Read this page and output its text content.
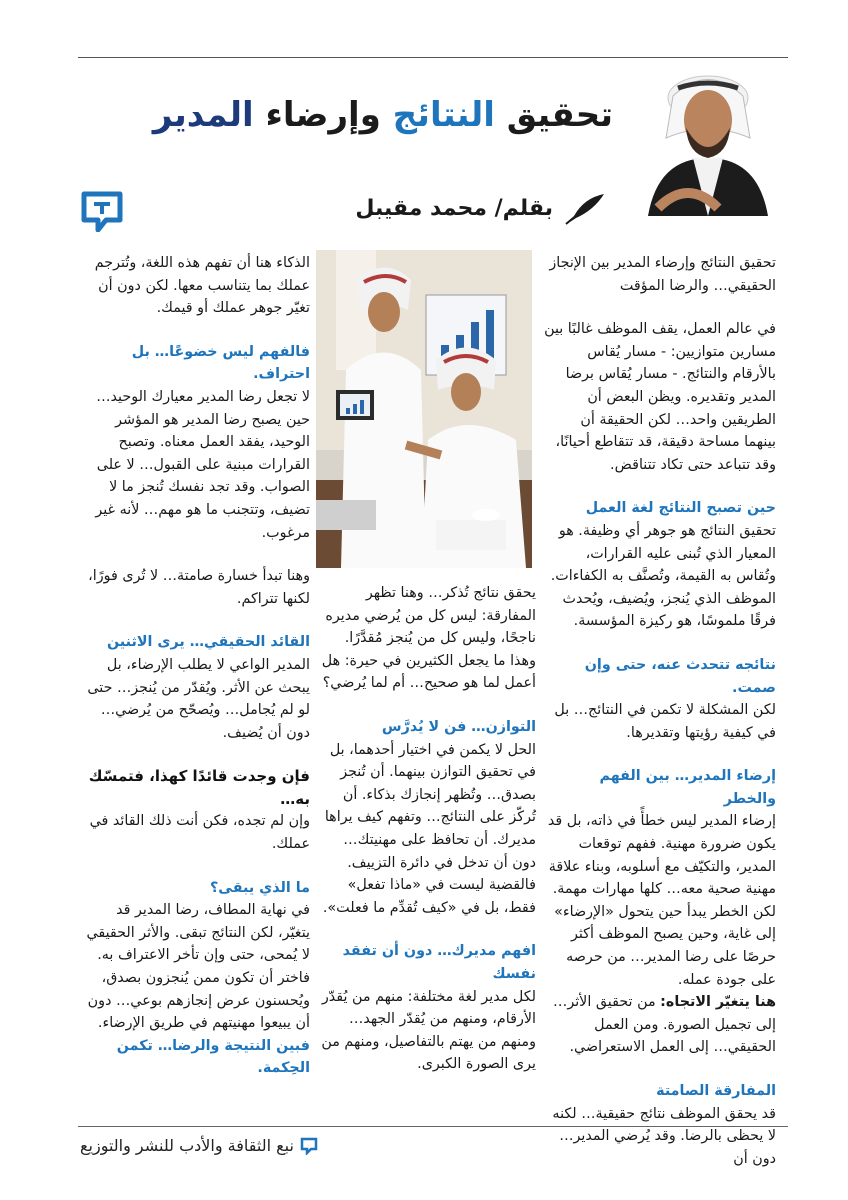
تحقيق النتائج وإرضاء المدير
بقلم/ محمد مقيبل

تحقيق النتائج وإرضاء المدير بين الإنجاز الحقيقي… والرضا المؤقت

في عالم العمل، يقف الموظف غالبًا بين مسارين متوازيين: - مسار يُقاس بالأرقام والنتائج. - مسار يُقاس برضا المدير وتقديره. ويظن البعض أن الطريقين واحد… لكن الحقيقة أن بينهما مساحة دقيقة، قد تتقاطع أحيانًا، وقد تتباعد حتى تكاد تتناقض.

حين تصبح النتائج لغة العمل

تحقيق النتائج هو جوهر أي وظيفة. هو المعيار الذي تُبنى عليه القرارات، وتُقاس به القيمة، وتُصنَّف به الكفاءات. الموظف الذي يُنجز، ويُضيف، ويُحدث فرقًا ملموسًا، هو ركيزة المؤسسة.

نتائجه تتحدث عنه، حتى وإن صمت.

لكن المشكلة لا تكمن في النتائج… بل في كيفية رؤيتها وتقديرها.

إرضاء المدير… بين الفهم والخطر

إرضاء المدير ليس خطأً في ذاته، بل قد يكون ضرورة مهنية. ففهم توقعات المدير، والتكيّف مع أسلوبه، وبناء علاقة مهنية صحية معه… كلها مهارات مهمة. لكن الخطر يبدأ حين يتحول «الإرضاء» إلى غاية، وحين يصبح الموظف أكثر حرصًا على رضا المدير… من حرصه على جودة عمله.

هنا يتغيّر الاتجاه: من تحقيق الأثر… إلى تجميل الصورة. ومن العمل الحقيقي… إلى العمل الاستعراضي.

المفارقة الصامتة

قد يحقق الموظف نتائج حقيقية… لكنه لا يحظى بالرضا. وقد يُرضي المدير… دون أن

يحقق نتائج تُذكر… وهنا تظهر المفارقة: ليس كل من يُرضي مديره ناجحًا، وليس كل من يُنجز مُقدَّرًا. وهذا ما يجعل الكثيرين في حيرة: هل أعمل لما هو صحيح… أم لما يُرضي؟

التوازن… فن لا يُدرَّس

الحل لا يكمن في اختيار أحدهما، بل في تحقيق التوازن بينهما. أن تُنجز بصدق… وتُظهر إنجازك بذكاء. أن تُركّز على النتائج… وتفهم كيف يراها مديرك. أن تحافظ على مهنيتك… دون أن تدخل في دائرة التزييف. فالقضية ليست في «ماذا تفعل» فقط، بل في «كيف تُقدِّم ما فعلت».

افهم مديرك… دون أن تفقد نفسك

لكل مدير لغة مختلفة: منهم من يُقدّر الأرقام، ومنهم من يُقدّر الجهد… ومنهم من يهتم بالتفاصيل، ومنهم من يرى الصورة الكبرى.

الذكاء هنا أن تفهم هذه اللغة، وتُترجم عملك بما يتناسب معها. لكن دون أن تغيّر جوهر عملك أو قيمك.

فالفهم ليس خضوعًا… بل احتراف.

لا تجعل رضا المدير معيارك الوحيد… حين يصبح رضا المدير هو المؤشر الوحيد، يفقد العمل معناه. وتصبح القرارات مبنية على القبول… لا على الصواب. وقد تجد نفسك تُنجز ما لا تضيف، وتتجنب ما هو مهم… لأنه غير مرغوب.

وهنا تبدأ خسارة صامتة… لا تُرى فورًا، لكنها تتراكم.

القائد الحقيقي… يرى الاثنين

المدير الواعي لا يطلب الإرضاء، بل يبحث عن الأثر. ويُقدّر من يُنجز… حتى لو لم يُجامل… ويُصحّح من يُرضي… دون أن يُضيف.

فإن وجدت قائدًا كهذا، فتمسّك به…

وإن لم تجده، فكن أنت ذلك القائد في عملك.

ما الذي يبقى؟

في نهاية المطاف، رضا المدير قد يتغيّر، لكن النتائج تبقى. والأثر الحقيقي لا يُمحى، حتى وإن تأخر الاعتراف به. فاختر أن تكون ممن يُنجزون بصدق، ويُحسنون عرض إنجازهم بوعي… دون أن يبيعوا مهنيتهم في طريق الإرضاء.

فبين النتيجة والرضا… تكمن الحِكمة.

نبع الثقافة والأدب للنشر والتوزيع
